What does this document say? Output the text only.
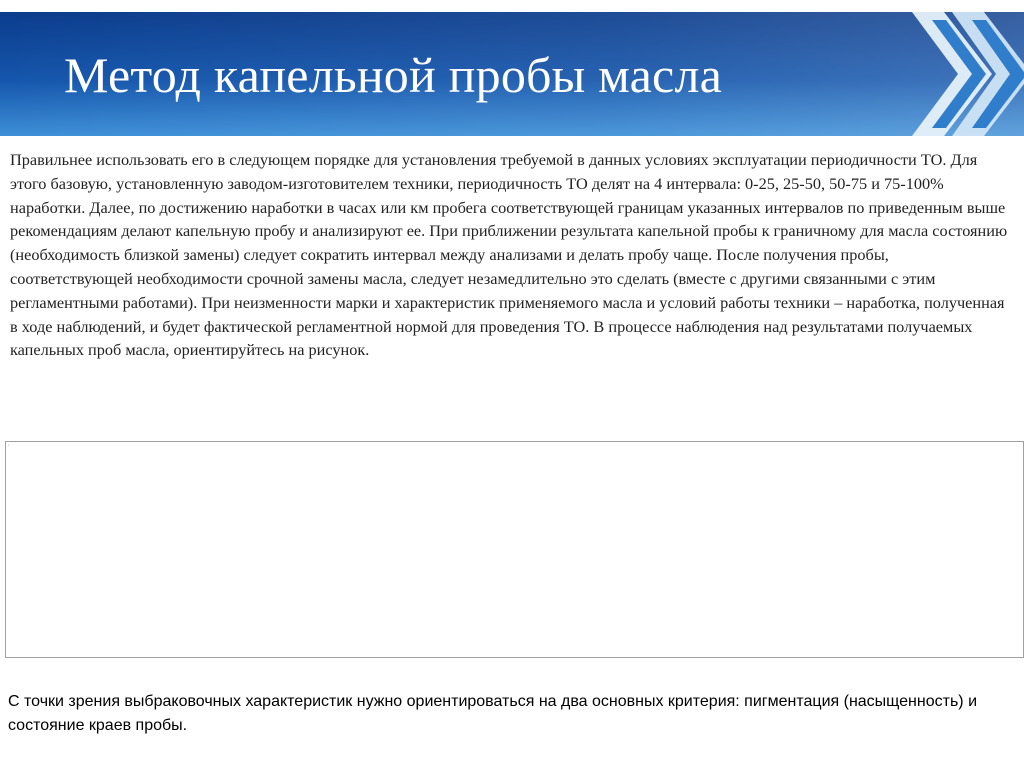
Метод капельной пробы масла

Правильнее использовать его в следующем порядке для установления требуемой в данных условиях эксплуатации периодичности ТО. Для этого базовую, установленную заводом-изготовителем техники, периодичность ТО делят на 4 интервала: 0-25, 25-50, 50-75 и 75-100% наработки. Далее, по достижению наработки в часах или км пробега соответствующей границам указанных интервалов по приведенным выше рекомендациям делают капельную пробу и анализируют ее. При приближении результата капельной пробы к граничному для масла состоянию (необходимость близкой замены) следует сократить интервал между анализами и делать пробу чаще. После получения пробы, соответствующей необходимости срочной замены масла, следует незамедлительно это сделать (вместе с другими связанными с этим регламентными работами). При неизменности марки и характеристик применяемого масла и условий работы техники – наработка, полученная в ходе наблюдений, и будет фактической регламентной нормой для проведения ТО. В процессе наблюдения над результатами получаемых капельных проб масла, ориентируйтесь на рисунок.

▫

С точки зрения выбраковочных характеристик нужно ориентироваться на два основных критерия: пигментация (насыщенность) и состояние краев пробы.
